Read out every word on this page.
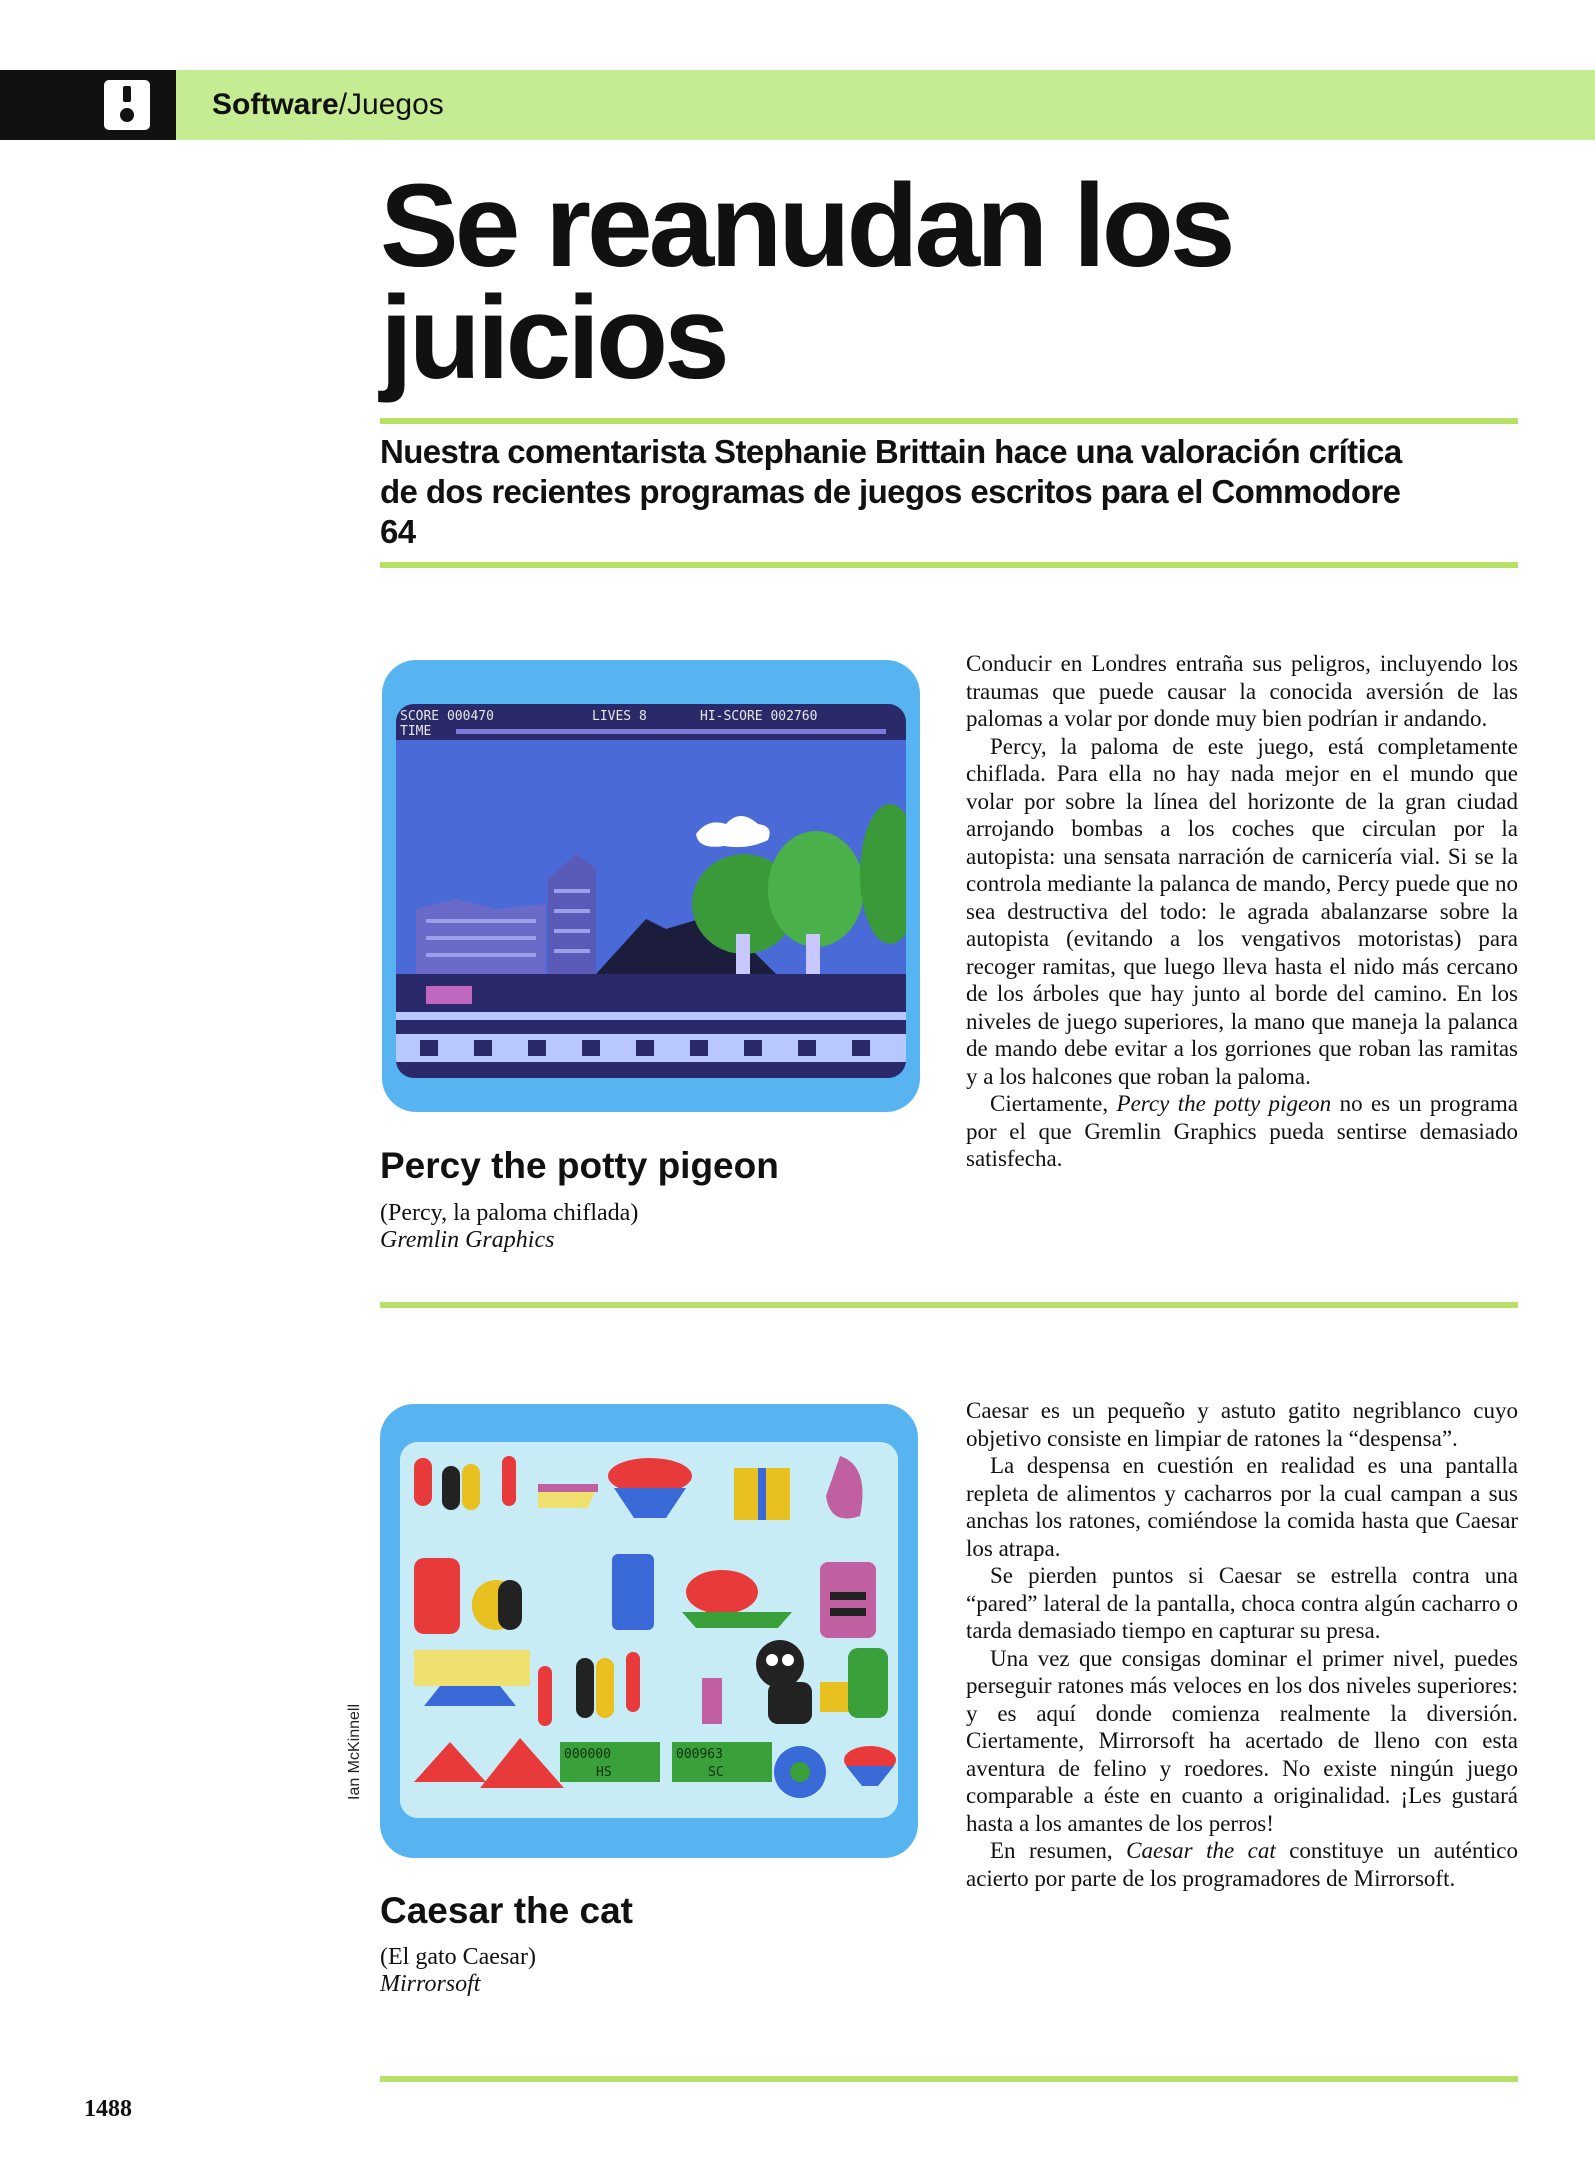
Software/Juegos
Se reanudan los juicios

Nuestra comentarista Stephanie Brittain hace una valoración crítica de dos recientes programas de juegos escritos para el Commodore 64

SCORE 000470	LIVES 8	HI-SCORE 002760
TIME
Percy the potty pigeon

(Percy, la paloma chiflada)

Gremlin Graphics

Conducir en Londres entraña sus peligros, incluyendo los traumas que puede causar la conocida aversión de las palomas a volar por donde muy bien podrían ir andando.

Percy, la paloma de este juego, está completamente chiflada. Para ella no hay nada mejor en el mundo que volar por sobre la línea del horizonte de la gran ciudad arrojando bombas a los coches que circulan por la autopista: una sensata narración de carnicería vial. Si se la controla mediante la palanca de mando, Percy puede que no sea destructiva del todo: le agrada abalanzarse sobre la autopista (evitando a los vengativos motoristas) para recoger ramitas, que luego lleva hasta el nido más cercano de los árboles que hay junto al borde del camino. En los niveles de juego superiores, la mano que maneja la palanca de mando debe evitar a los gorriones que roban las ramitas y a los halcones que roban la paloma.

Ciertamente, Percy the potty pigeon no es un programa por el que Gremlin Graphics pueda sentirse demasiado satisfecha.

000000
HS
000963
SC
Ian McKinnell
Caesar the cat

(El gato Caesar)

Mirrorsoft

Caesar es un pequeño y astuto gatito negriblanco cuyo objetivo consiste en limpiar de ratones la “despensa”.

La despensa en cuestión en realidad es una pantalla repleta de alimentos y cacharros por la cual campan a sus anchas los ratones, comiéndose la comida hasta que Caesar los atrapa.

Se pierden puntos si Caesar se estrella contra una “pared” lateral de la pantalla, choca contra algún cacharro o tarda demasiado tiempo en capturar su presa.

Una vez que consigas dominar el primer nivel, puedes perseguir ratones más veloces en los dos niveles superiores: y es aquí donde comienza realmente la diversión. Ciertamente, Mirrorsoft ha acertado de lleno con esta aventura de felino y roedores. No existe ningún juego comparable a éste en cuanto a originalidad. ¡Les gustará hasta a los amantes de los perros!

En resumen, Caesar the cat constituye un auténtico acierto por parte de los programadores de Mirrorsoft.

1488
